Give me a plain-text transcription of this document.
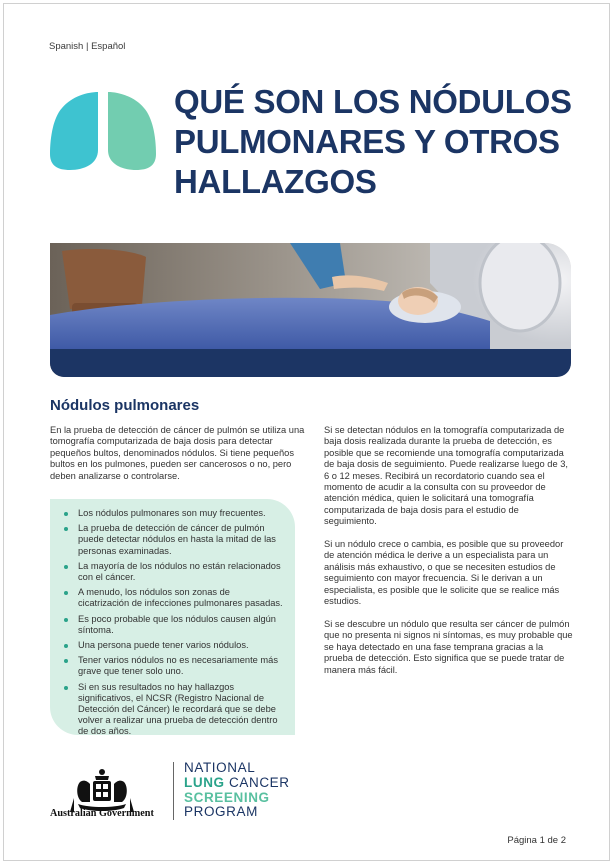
Spanish | Español
QUÉ SON LOS NÓDULOS
PULMONARES Y OTROS
HALLAZGOS
Nódulos pulmonares

En la prueba de detección de cáncer de pulmón se utiliza una tomografía computarizada de baja dosis para detectar pequeños bultos, denominados nódulos. Si tiene pequeños bultos en los pulmones, pueden ser cancerosos o no, pero deben analizarse o controlarse.

Los nódulos pulmonares son muy frecuentes.
La prueba de detección de cáncer de pulmón puede detectar nódulos en hasta la mitad de las personas examinadas.
La mayoría de los nódulos no están relacionados con el cáncer.
A menudo, los nódulos son zonas de cicatrización de infecciones pulmonares pasadas.
Es poco probable que los nódulos causen algún síntoma.
Una persona puede tener varios nódulos.
Tener varios nódulos no es necesariamente más grave que tener solo uno.
Si en sus resultados no hay hallazgos significativos, el NCSR (Registro Nacional de Detección del Cáncer) le recordará que se debe volver a realizar una prueba de detección dentro de dos años.

Si se detectan nódulos en la tomografía computarizada de baja dosis realizada durante la prueba de detección, es posible que se recomiende una tomografía computarizada de baja dosis de seguimiento. Puede realizarse luego de 3, 6 o 12 meses. Recibirá un recordatorio cuando sea el momento de acudir a la consulta con su proveedor de atención médica, quien le solicitará una tomografía computarizada de baja dosis para el estudio de seguimiento.

Si un nódulo crece o cambia, es posible que su proveedor de atención médica le derive a un especialista para un análisis más exhaustivo, o que se necesiten estudios de seguimiento con mayor frecuencia. Si le derivan a un especialista, es posible que le solicite que se realice más estudios.

Si se descubre un nódulo que resulta ser cáncer de pulmón que no presenta ni signos ni síntomas, es muy probable que se haya detectado en una fase temprana gracias a la prueba de detección. Esto significa que se puede tratar de manera más fácil.

Australian Government
NATIONAL
LUNG CANCER
SCREENING
PROGRAM
Página 1 de 2
